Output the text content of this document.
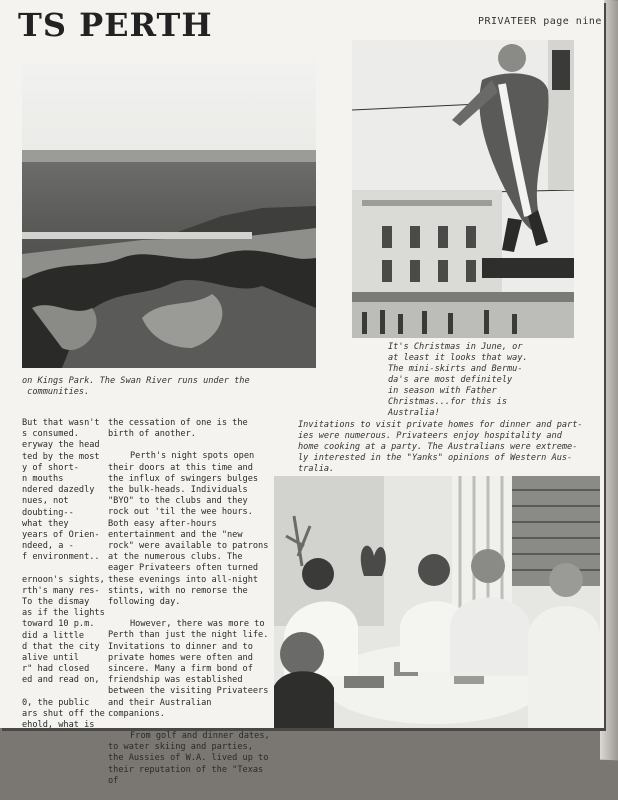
TS PERTH	PRIVATEER page nine
on Kings Park. The Swan River runs under the
communities.
It's Christmas in June, or
at least it looks that way.
The mini-skirts and Bermu-
da's are most definitely
in season with Father
Christmas...for this is
Australia!

But that wasn't
s consumed.
eryway the head
ted by the most
y of short-
n mouths
ndered dazedly
nues, not
doubting--
what they
years of Orien-
ndeed, a -
f environment..

ernoon's sights,
rth's many res-
To the dismay
as if the lights
toward 10 p.m.
did a little
d that the city
alive until
r" had closed
ed and read on,

0, the public
ars shut off the
ehold, what is

the cessation of one is the birth of another.

Perth's night spots open their doors at this time and the influx of swingers bulges the bulk-heads. Individuals "BYO" to the clubs and they rock out 'til the wee hours. Both easy after-hours entertainment and the "new rock" were available to patrons at the numerous clubs. The eager Privateers often turned these evenings into all-night stints, with no remorse the following day.

However, there was more to Perth than just the night life. Invitations to dinner and to private homes were often and sincere. Many a firm bond of friendship was established between the visiting Privateers and their Australian companions.

From golf and dinner dates, to water skiing and parties, the Aussies of W.A. lived up to their reputation of the "Texas of

Invitations to visit private homes for dinner and part-
ies were numerous. Privateers enjoy hospitality and
home cooking at a party. The Australians were extreme-
ly interested in the "Yanks" opinions of Western Aus-
tralia.
